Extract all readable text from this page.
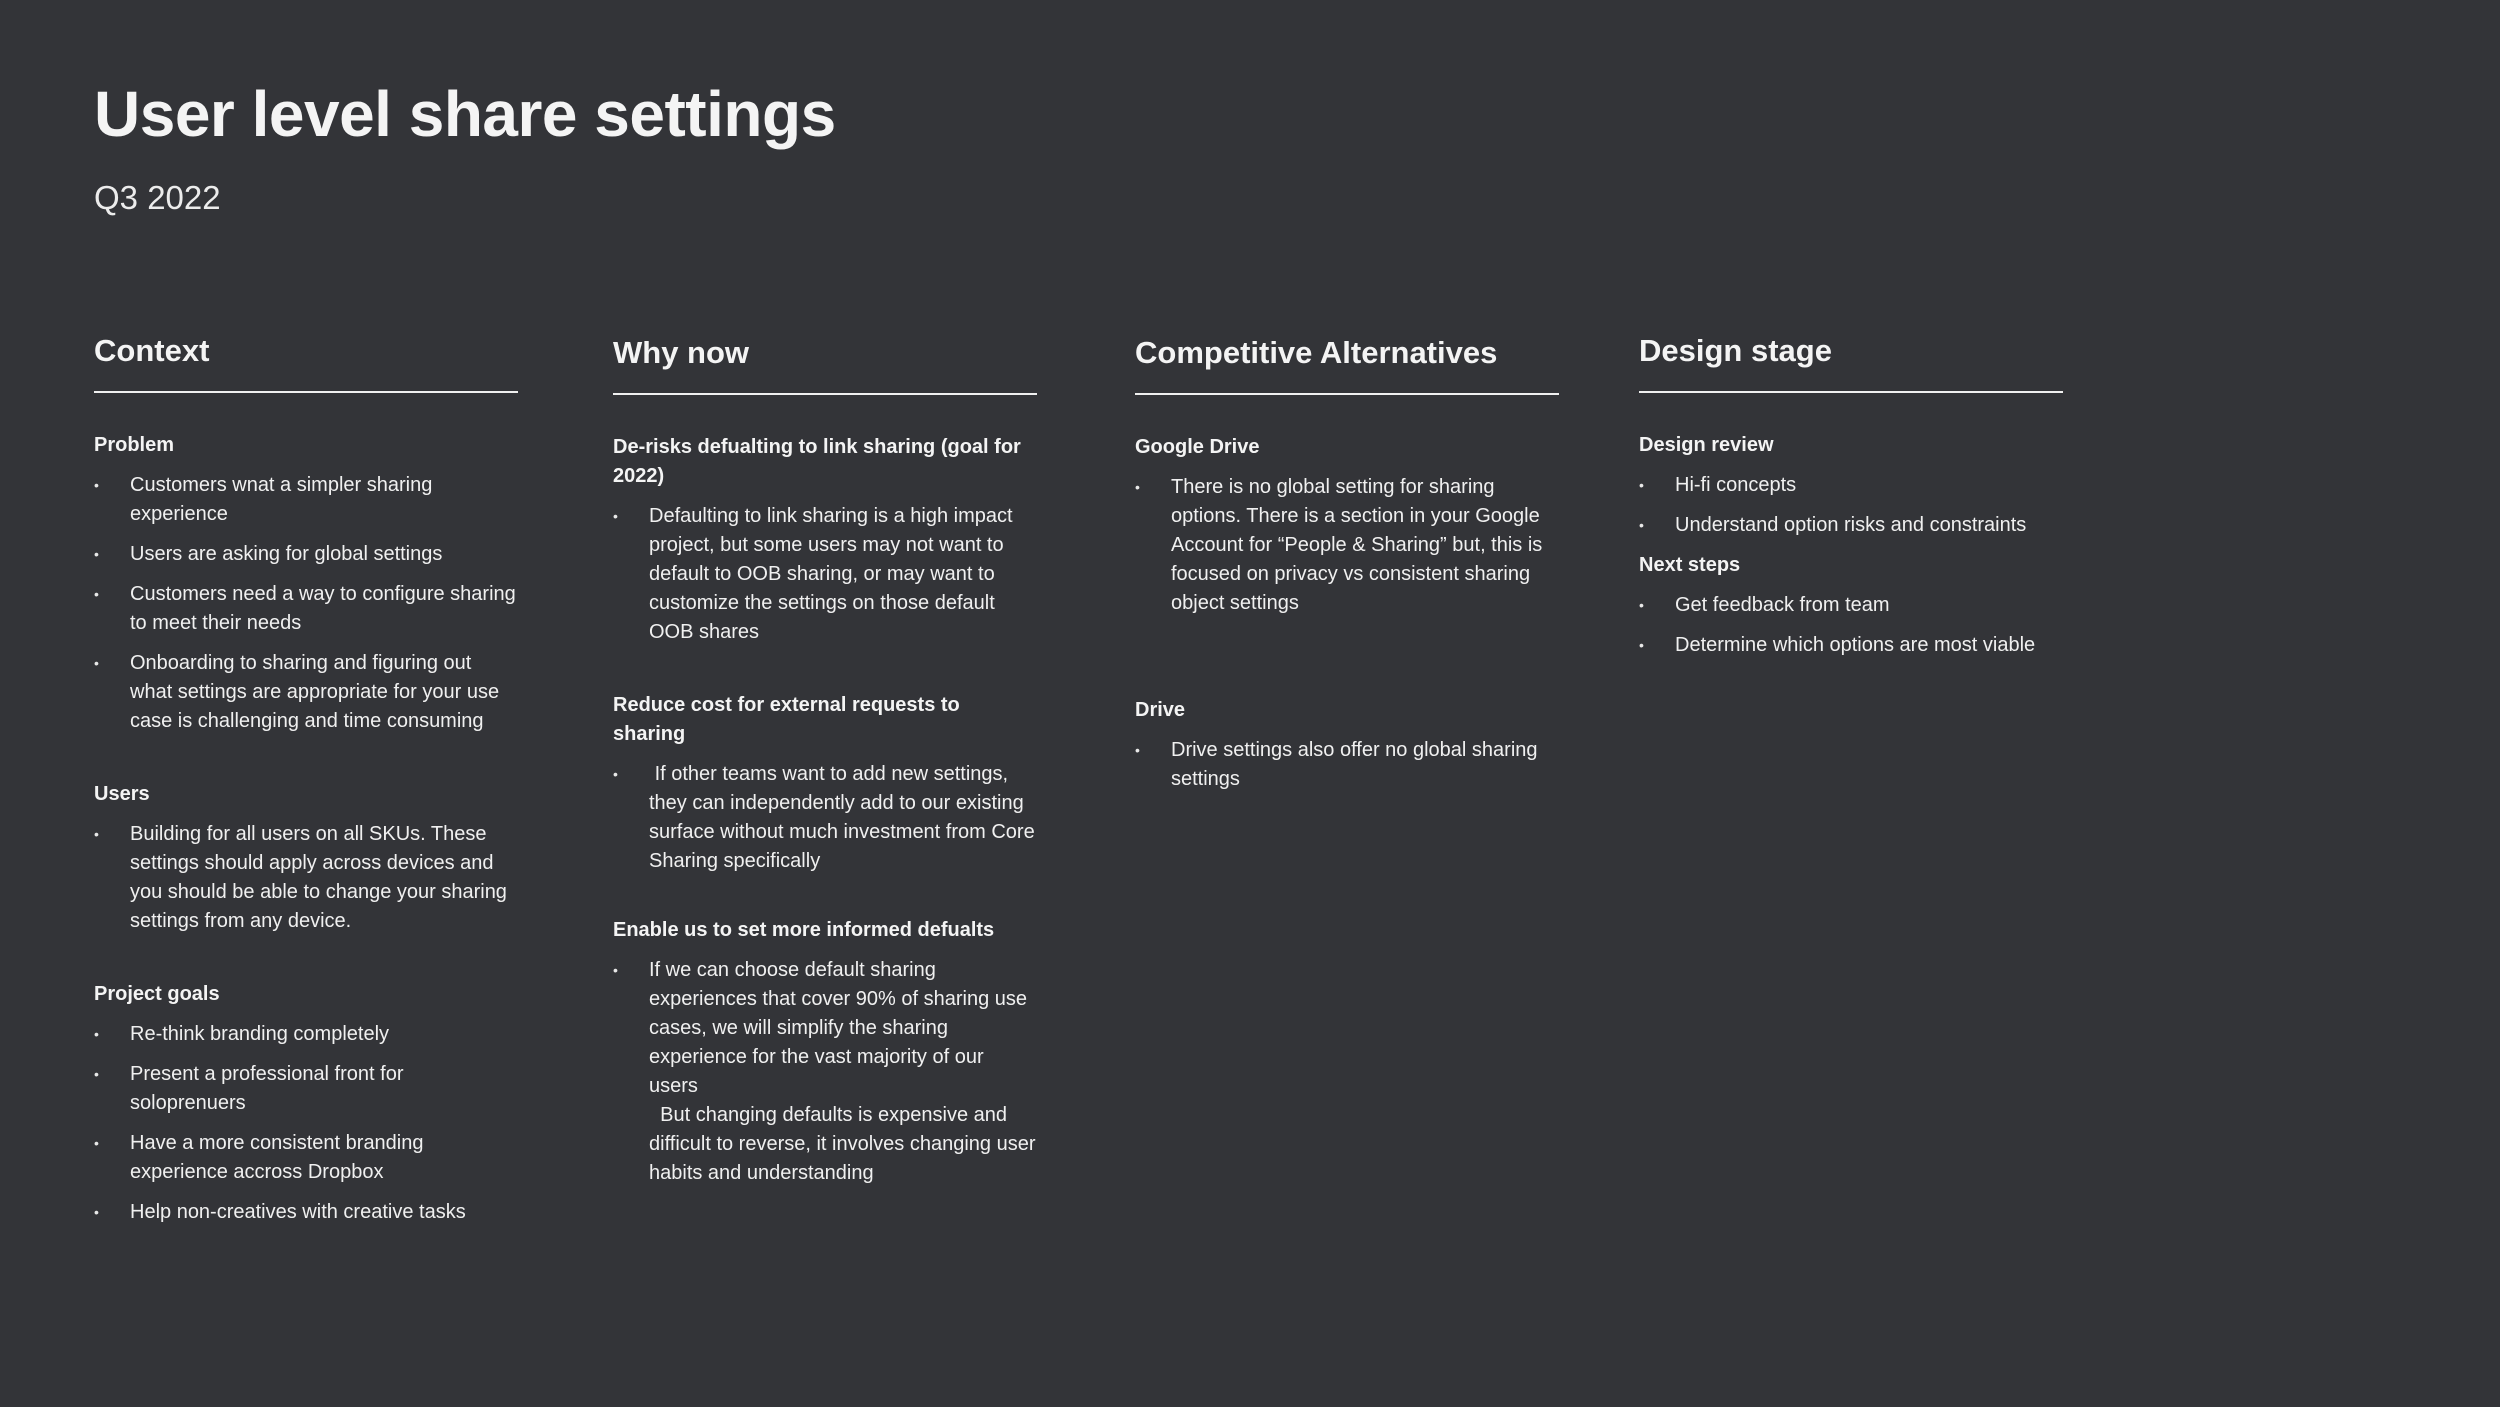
User level share settings
Q3 2022
Context
Problem
• Customers wnat a simpler sharing experience
• Users are asking for global settings
• Customers need a way to configure sharing to meet their needs
• Onboarding to sharing and figuring out what settings are appropriate for your use case is challenging and time consuming
Users
• Building for all users on all SKUs. These settings should apply across devices and you should be able to change your sharing settings from any device.
Project goals
• Re-think branding completely
• Present a professional front for soloprenuers
• Have a more consistent branding experience accross Dropbox
• Help non-creatives with creative tasks
Why now
De-risks defualting to link sharing (goal for 2022)
• Defaulting to link sharing is a high impact project, but some users may not want to default to OOB sharing, or may want to customize the settings on those default OOB shares
Reduce cost for external requests to sharing
•  If other teams want to add new settings, they can independently add to our existing surface without much investment from Core Sharing specifically
Enable us to set more informed defualts
• If we can choose default sharing experiences that cover 90% of sharing use cases, we will simplify the sharing experience for the vast majority of our users
But changing defaults is expensive and difficult to reverse, it involves changing user habits and understanding
Competitive Alternatives
Google Drive
• There is no global setting for sharing options. There is a section in your Google Account for “People & Sharing” but, this is focused on privacy vs consistent sharing object settings
Drive
• Drive settings also offer no global sharing settings
Design stage
Design review
• Hi-fi concepts
• Understand option risks and constraints
Next steps
• Get feedback from team
• Determine which options are most viable
